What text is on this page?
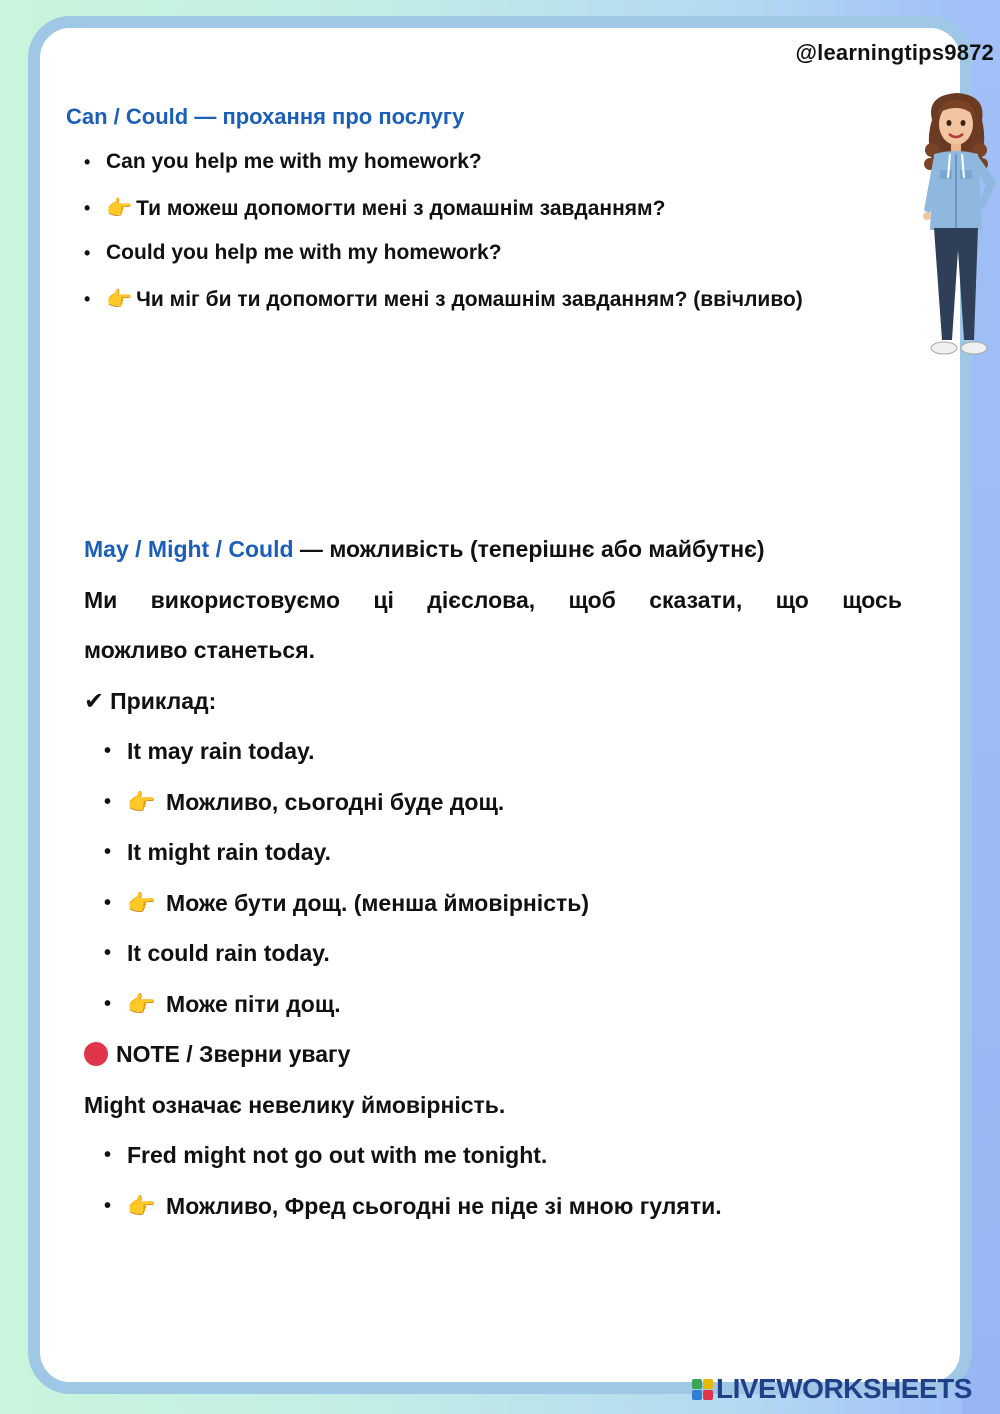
@learningtips9872
Can / Could — прохання про послугу
• Can you help me with my homework?
• 👉 Ти можеш допомогти мені з домашнім завданням?
• Could you help me with my homework?
• 👉 Чи міг би ти допомогти мені з домашнім завданням? (ввічливо)
May / Might / Could — можливість (теперішнє або майбутнє)
Ми використовуємо ці дієслова, щоб сказати, що щось
можливо станеться.
✔ Приклад:
• It may rain today.
• 👉 Можливо, сьогодні буде дощ.
• It might rain today.
• 👉 Може бути дощ. (менша ймовірність)
• It could rain today.
• 👉 Може піти дощ.
NOTE / Зверни увагу
Might означає невелику ймовірність.
• Fred might not go out with me tonight.
• 👉 Можливо, Фред сьогодні не піде зі мною гуляти.
LIVEWORKSHEETS
